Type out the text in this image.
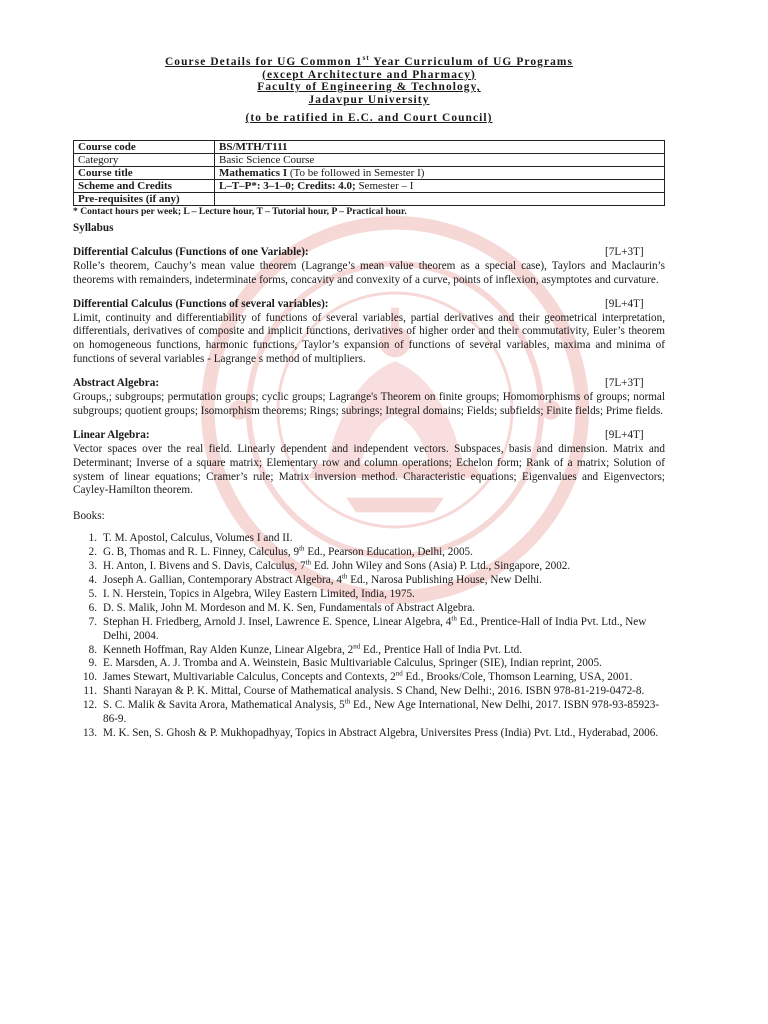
Course Details for UG Common 1st Year Curriculum of UG Programs
(except Architecture and Pharmacy)
Faculty of Engineering & Technology,
Jadavpur University
(to be ratified in E.C. and Court Council)
Course code	BS/MTH/T111
Category	Basic Science Course
Course title	Mathematics I (To be followed in Semester I)
Scheme and Credits	L–T–P*: 3–1–0; Credits: 4.0; Semester – I
Pre-requisites (if any)	
* Contact hours per week; L – Lecture hour, T – Tutorial hour, P – Practical hour.
Syllabus
Differential Calculus (Functions of one Variable):	[7L+3T]
Rolle’s theorem, Cauchy’s mean value theorem (Lagrange’s mean value theorem as a special case), Taylors and Maclaurin’s theorems with remainders, indeterminate forms, concavity and convexity of a curve, points of inflexion, asymptotes and curvature.
Differential Calculus (Functions of several variables):	[9L+4T]
Limit, continuity and differentiability of functions of several variables, partial derivatives and their geometrical interpretation, differentials, derivatives of composite and implicit functions, derivatives of higher order and their commutativity, Euler’s theorem on homogeneous functions, harmonic functions, Taylor’s expansion of functions of several variables, maxima and minima of functions of several variables - Lagrange s method of multipliers.
Abstract Algebra:	[7L+3T]
Groups,; subgroups; permutation groups; cyclic groups; Lagrange's Theorem on finite groups; Homomorphisms of groups; normal subgroups; quotient groups; Isomorphism theorems; Rings; subrings; Integral domains; Fields; subfields; Finite fields; Prime fields.
Linear Algebra:	[9L+4T]
Vector spaces over the real field. Linearly dependent and independent vectors. Subspaces, basis and dimension. Matrix and Determinant; Inverse of a square matrix; Elementary row and column operations; Echelon form; Rank of a matrix; Solution of system of linear equations; Cramer’s rule; Matrix inversion method. Characteristic equations; Eigenvalues and Eigenvectors; Cayley-Hamilton theorem.
Books:
1. T. M. Apostol, Calculus, Volumes I and II.
2. G. B, Thomas and R. L. Finney, Calculus, 9th Ed., Pearson Education, Delhi, 2005.
3. H. Anton, I. Bivens and S. Davis, Calculus, 7th Ed. John Wiley and Sons (Asia) P. Ltd., Singapore, 2002.
4. Joseph A. Gallian, Contemporary Abstract Algebra, 4th Ed., Narosa Publishing House, New Delhi.
5. I. N. Herstein, Topics in Algebra, Wiley Eastern Limited, India, 1975.
6. D. S. Malik, John M. Mordeson and M. K. Sen, Fundamentals of Abstract Algebra.
7. Stephan H. Friedberg, Arnold J. Insel, Lawrence E. Spence, Linear Algebra, 4th Ed., Prentice-Hall of India Pvt. Ltd., New Delhi, 2004.
8. Kenneth Hoffman, Ray Alden Kunze, Linear Algebra, 2nd Ed., Prentice Hall of India Pvt. Ltd.
9. E. Marsden, A. J. Tromba and A. Weinstein, Basic Multivariable Calculus, Springer (SIE), Indian reprint, 2005.
10. James Stewart, Multivariable Calculus, Concepts and Contexts, 2nd Ed., Brooks/Cole, Thomson Learning, USA, 2001.
11. Shanti Narayan & P. K. Mittal, Course of Mathematical analysis. S Chand, New Delhi:, 2016. ISBN 978-81-219-0472-8.
12. S. C. Malik & Savita Arora, Mathematical Analysis, 5th Ed., New Age International, New Delhi, 2017. ISBN 978-93-85923-86-9.
13. M. K. Sen, S. Ghosh & P. Mukhopadhyay, Topics in Abstract Algebra, Universites Press (India) Pvt. Ltd., Hyderabad, 2006.
